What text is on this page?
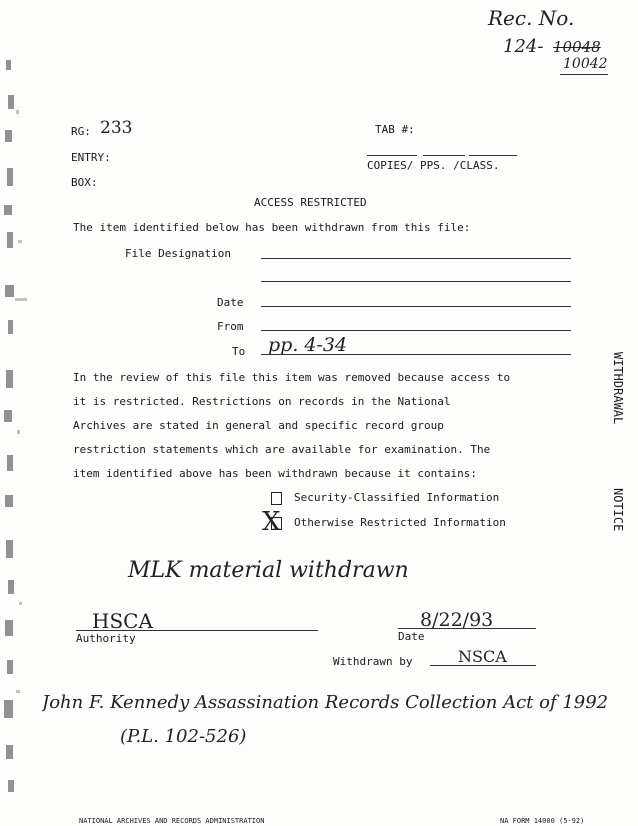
Rec. No.
124- 10048
10042
RG: 233	TAB #:
ENTRY:
BOX:
COPIES/ PPS. /CLASS.
ACCESS RESTRICTED
The item identified below has been withdrawn from this file:
File Designation
Date
From
To pp. 4-34
In the review of this file this item was removed because access to
it is restricted. Restrictions on records in the National
Archives are stated in general and specific record group
restriction statements which are available for examination. The
item identified above has been withdrawn because it contains:
Security-Classified Information
X Otherwise Restricted Information
MLK material withdrawn
HSCA
Authority
8/22/93
Date
Withdrawn by	NSCA
John F. Kennedy Assassination Records Collection Act of 1992
(P.L. 102-526)
WITHDRAWAL
NOTICE
NATIONAL ARCHIVES AND RECORDS ADMINISTRATION	NA FORM 14000 (5-92)
